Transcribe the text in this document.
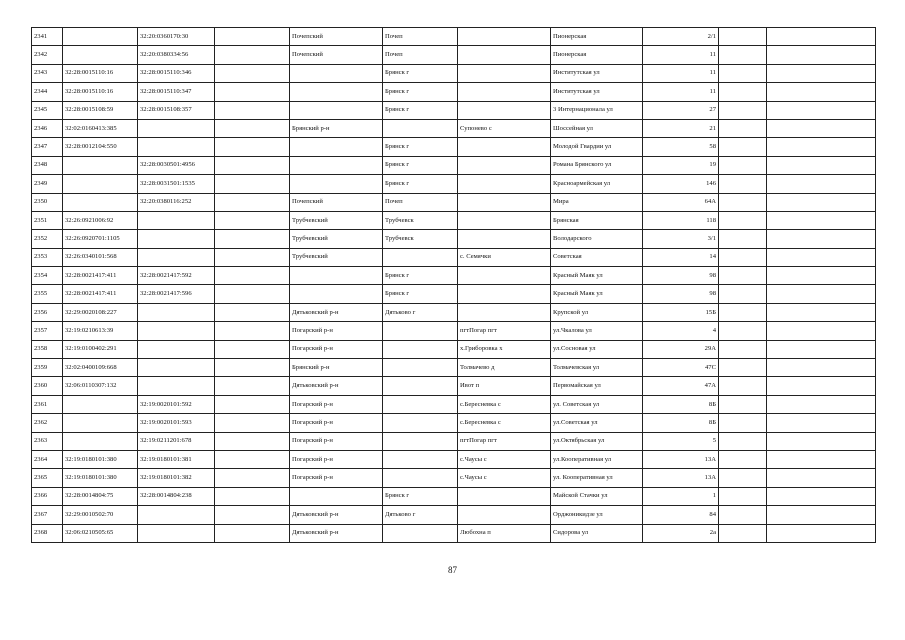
2341		32:20:0360170:30		Почепский	Почеп		Пионерская	2/1		
2342		32:20:0380334:56		Почепский	Почеп		Пионерская	11		
2343	32:28:0015110:16	32:28:0015110:346			Брянск г		Институтская ул	11		
2344	32:28:0015110:16	32:28:0015110:347			Брянск г		Институтская ул	11		
2345	32:28:0015108:59	32:28:0015108:357			Брянск г		3 Интернационала ул	27		
2346	32:02:0160413:385			Брянский р-н		Супонево с	Шоссейная ул	21		
2347	32:28:0012104:550				Брянск г		Молодой Гвардии ул	58		
2348		32:28:0030501:4956			Брянск г		Романа Брянского ул	19		
2349		32:28:0031501:1535			Брянск г		Красноармейская ул	146		
2350		32:20:0380116:252		Почепский	Почеп		Мира	64А		
2351	32:26:0921006:92			Трубчевский	Трубчевск		Брянская	118		
2352	32:26:0920701:1105			Трубчевский	Трубчевск		Володарского	3/1		
2353	32:26:0340101:568			Трубчевский		с. Семячки	Советская	14		
2354	32:28:0021417:411	32:28:0021417:592			Брянск г		Красный Маяк ул	98		
2355	32:28:0021417:411	32:28:0021417:596			Брянск г		Красный Маяк ул	98		
2356	32:29:0020108:227			Дятьковский р-н	Дятьково г		Крупской ул	15Б		
2357	32:19:0210613:39			Погарский р-н		пгтПогар пгт	ул.Чкалова ул	4		
2358	32:19:0100402:291			Погарский р-н		х.Гриборовка х	ул.Сосновая ул	29А		
2359	32:02:0400109:668			Брянский р-н		Толмачево д	Толмачевская ул	47С		
2360	32:06:0110307:132			Дятьковский р-н		Ивот п	Первомайская ул	47А		
2361		32:19:0020101:592		Погарский р-н		с.Бересневка с	ул. Советская ул	8Б		
2362		32:19:0020101:593		Погарский р-н		с.Бересневка с	ул.Советская ул	8Б		
2363		32:19:0211201:678		Погарский р-н		пгтПогар пгт	ул.Октябрьская ул	5		
2364	32:19:0180101:380	32:19:0180101:381		Погарский р-н		с.Чаусы с	ул.Кооперативная ул	13А		
2365	32:19:0180101:380	32:19:0180101:382		Погарский р-н		с.Чаусы с	ул. Кооперативная ул	13А		
2366	32:28:0014804:75	32:28:0014804:238			Брянск г		Майской Стачки ул	1		
2367	32:29:0010502:70			Дятьковский р-н	Дятьково г		Орджоникидзе ул	84		
2368	32:06:0210505:65			Дятьковский р-н		Любохна п	Сидорова ул	2а		
87
